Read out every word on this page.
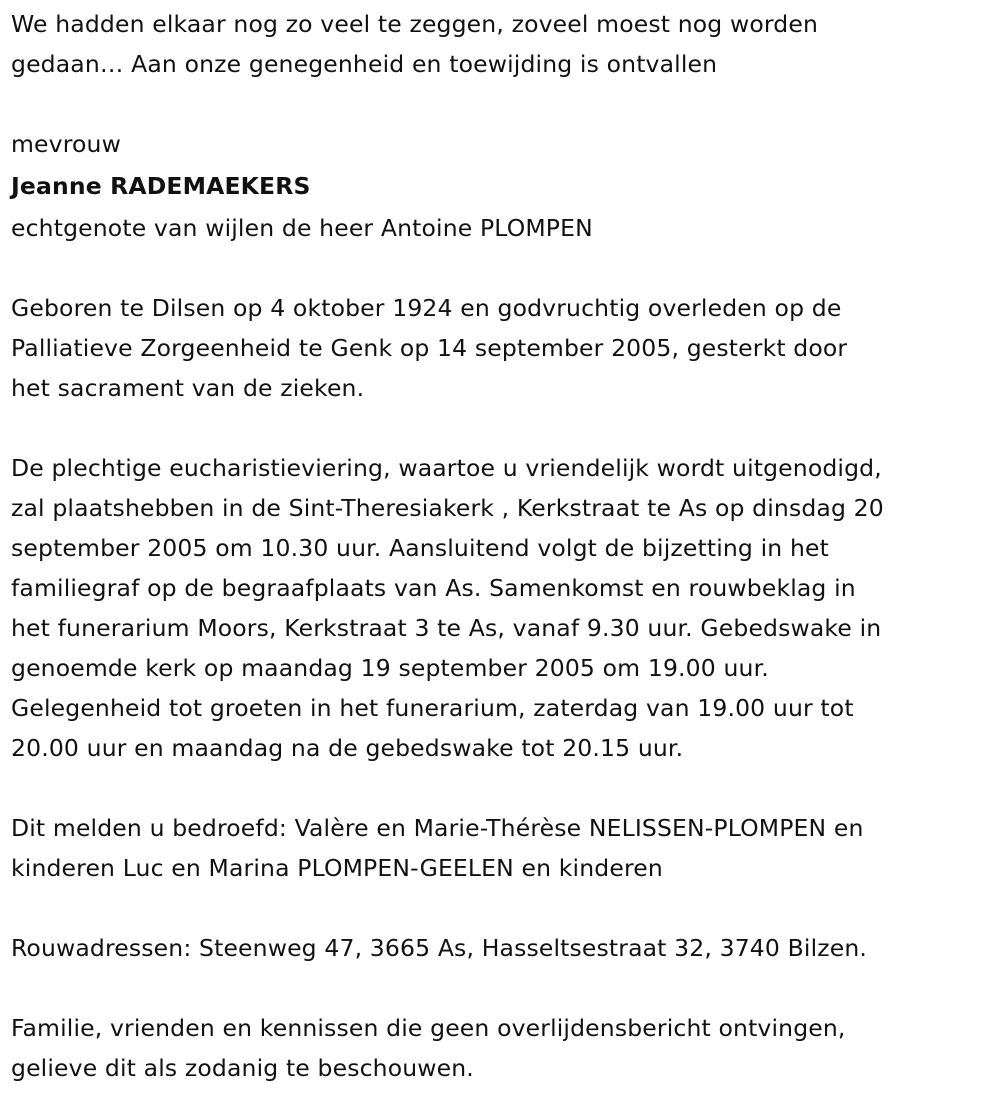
We hadden elkaar nog zo veel te zeggen, zoveel moest nog worden
gedaan… Aan onze genegenheid en toewijding is ontvallen
mevrouw
Jeanne RADEMAEKERS
echtgenote van wijlen de heer Antoine PLOMPEN
Geboren te Dilsen op 4 oktober 1924 en godvruchtig overleden op de
Palliatieve Zorgeenheid te Genk op 14 september 2005, gesterkt door
het sacrament van de zieken.
De plechtige eucharistieviering, waartoe u vriendelijk wordt uitgenodigd,
zal plaatshebben in de Sint-Theresiakerk , Kerkstraat te As op dinsdag 20
september 2005 om 10.30 uur. Aansluitend volgt de bijzetting in het
familiegraf op de begraafplaats van As. Samenkomst en rouwbeklag in
het funerarium Moors, Kerkstraat 3 te As, vanaf 9.30 uur. Gebedswake in
genoemde kerk op maandag 19 september 2005 om 19.00 uur.
Gelegenheid tot groeten in het funerarium, zaterdag van 19.00 uur tot
20.00 uur en maandag na de gebedswake tot 20.15 uur.
Dit melden u bedroefd: Valère en Marie-Thérèse NELISSEN-PLOMPEN en
kinderen Luc en Marina PLOMPEN-GEELEN en kinderen
Rouwadressen: Steenweg 47, 3665 As, Hasseltsestraat 32, 3740 Bilzen.
Familie, vrienden en kennissen die geen overlijdensbericht ontvingen,
gelieve dit als zodanig te beschouwen.
